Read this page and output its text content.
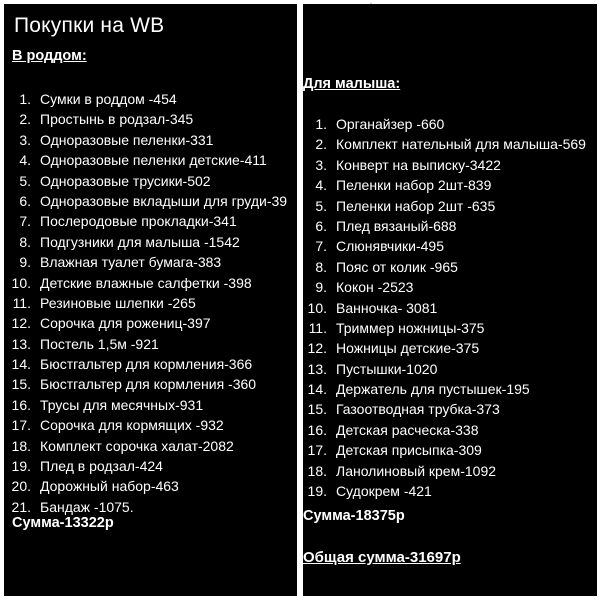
Покупки на WB
В роддом:
1. Сумки в роддом -454
2. Простынь в родзал-345
3. Одноразовые пеленки-331
4. Одноразовые пеленки детские-411
5. Одноразовые трусики-502
6. Одноразовые вкладыши для груди-39
7. Послеродовые прокладки-341
8. Подгузники для малыша -1542
9. Влажная туалет бумага-383
10. Детские влажные салфетки -398
11. Резиновые шлепки -265
12. Сорочка для рожениц-397
13. Постель 1,5м -921
14. Бюстгальтер для кормления-366
15. Бюстгальтер для кормления -360
16. Трусы для месячных-931
17. Сорочка для кормящих -932
18. Комплект сорочка халат-2082
19. Плед в родзал-424
20. Дорожный набор-463
21. Бандаж -1075.
Сумма-13322р
·
Для малыша:
1. Органайзер -660
2. Комплект нательный для малыша-569
3. Конверт на выписку-3422
4. Пеленки набор 2шт-839
5. Пеленки набор 2шт -635
6. Плед вязаный-688
7. Слюнявчики-495
8. Пояс от колик -965
9. Кокон -2523
10. Ванночка- 3081
11. Триммер ножницы-375
12. Ножницы детские-375
13. Пустышки-1020
14. Держатель для пустышек-195
15. Газоотводная трубка-373
16. Детская расческа-338
17. Детская присыпка-309
18. Ланолиновый крем-1092
19. Судокрем -421
Сумма-18375р
Общая сумма-31697р
